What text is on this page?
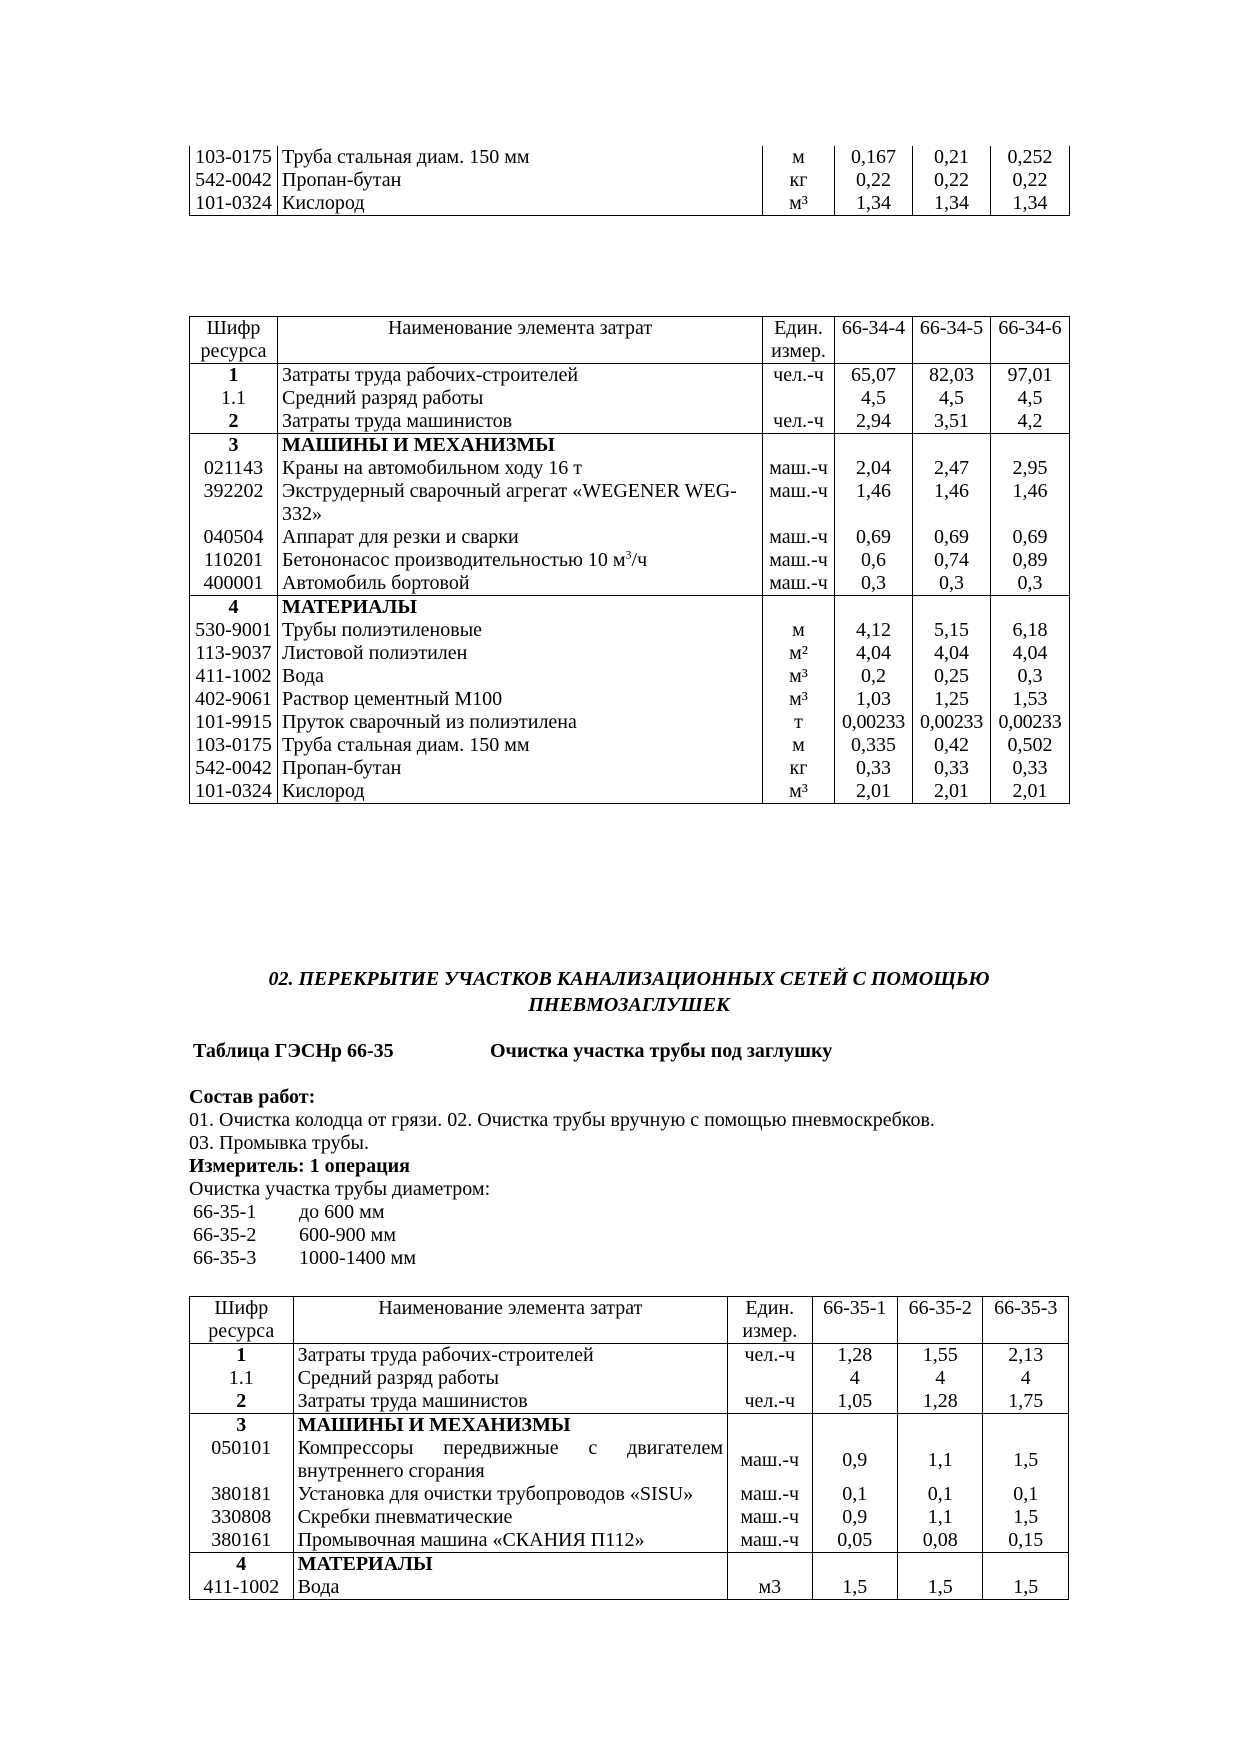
103-0175	Труба стальная диам. 150 мм	м	0,167	0,21	0,252
542-0042	Пропан-бутан	кг	0,22	0,22	0,22
101-0324	Кислород	м³	1,34	1,34	1,34
Шифр ресурса	Наименование элемента затрат	Един. измер.	66-34-4	66-34-5	66-34-6
1	Затраты труда рабочих-строителей	чел.-ч	65,07	82,03	97,01
1.1	Средний разряд работы		4,5	4,5	4,5
2	Затраты труда машинистов	чел.-ч	2,94	3,51	4,2
3	МАШИНЫ И МЕХАНИЗМЫ				
021143	Краны на автомобильном ходу 16 т	маш.-ч	2,04	2,47	2,95
392202	Экструдерный сварочный агрегат «WEGENER WEG-332»	маш.-ч	1,46	1,46	1,46
040504	Аппарат для резки и сварки	маш.-ч	0,69	0,69	0,69
110201	Бетононасос производительностью 10 $м^3/ч$	маш.-ч	0,6	0,74	0,89
400001	Автомобиль бортовой	маш.-ч	0,3	0,3	0,3
4	МАТЕРИАЛЫ				
530-9001	Трубы полиэтиленовые	м	4,12	5,15	6,18
113-9037	Листовой полиэтилен	м²	4,04	4,04	4,04
411-1002	Вода	м³	0,2	0,25	0,3
402-9061	Раствор цементный М100	м³	1,03	1,25	1,53
101-9915	Пруток сварочный из полиэтилена	т	0,00233	0,00233	0,00233
103-0175	Труба стальная диам. 150 мм	м	0,335	0,42	0,502
542-0042	Пропан-бутан	кг	0,33	0,33	0,33
101-0324	Кислород	м³	2,01	2,01	2,01
02. ПЕРЕКРЫТИЕ УЧАСТКОВ КАНАЛИЗАЦИОННЫХ СЕТЕЙ С ПОМОЩЬЮ
ПНЕВМОЗАГЛУШЕК
Таблица ГЭСНр 66-35	Очистка участка трубы под заглушку
Состав работ:
01. Очистка колодца от грязи. 02. Очистка трубы вручную с помощью пневмоскребков.
03. Промывка трубы.
Измеритель: 1 операция
Очистка участка трубы диаметром:
66-35-1 до 600 мм
66-35-2 600-900 мм
66-35-3 1000-1400 мм
Шифр ресурса	Наименование элемента затрат	Един. измер.	66-35-1	66-35-2	66-35-3
1	Затраты труда рабочих-строителей	чел.-ч	1,28	1,55	2,13
1.1	Средний разряд работы		4	4	4
2	Затраты труда машинистов	чел.-ч	1,05	1,28	1,75
3	МАШИНЫ И МЕХАНИЗМЫ				
050101	Компрессоры передвижные с двигателем внутреннего сгорания	маш.-ч	0,9	1,1	1,5
380181	Установка для очистки трубопроводов «SISU»	маш.-ч	0,1	0,1	0,1
330808	Скребки пневматические	маш.-ч	0,9	1,1	1,5
380161	Промывочная машина «СКАНИЯ П112»	маш.-ч	0,05	0,08	0,15
4	МАТЕРИАЛЫ				
411-1002	Вода	м3	1,5	1,5	1,5
